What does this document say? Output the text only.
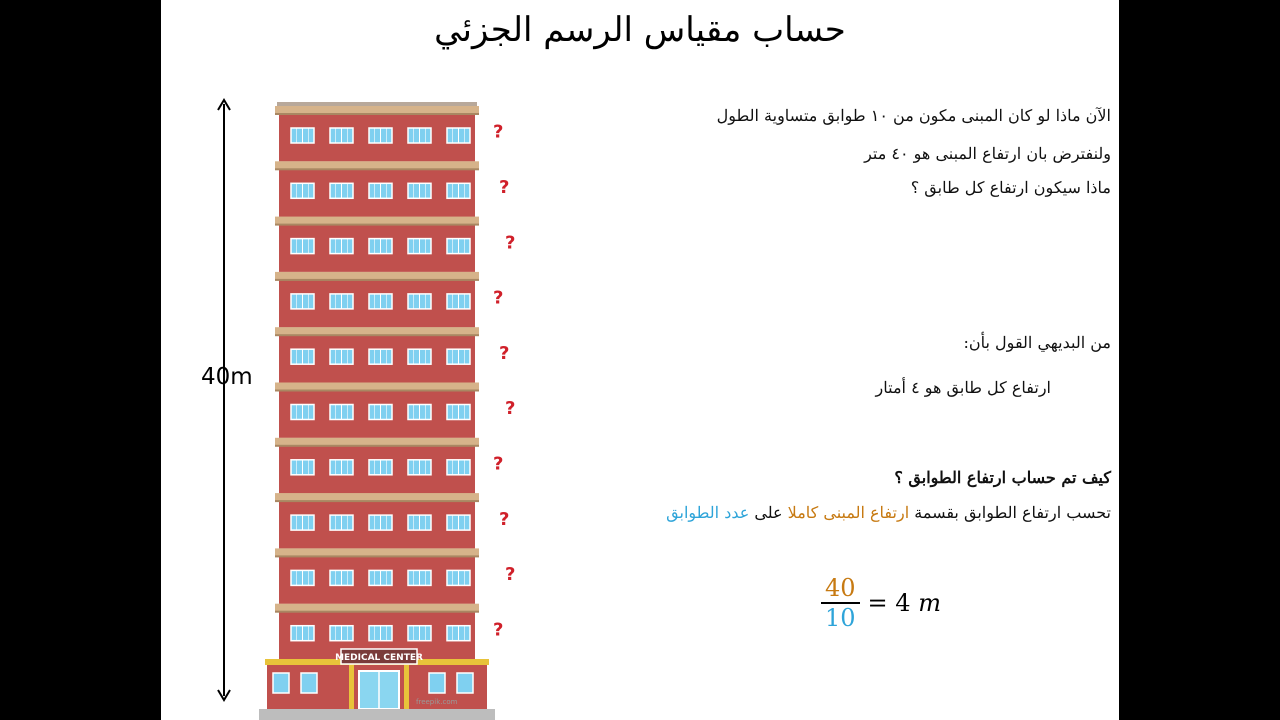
حساب مقياس الرسم الجزئي
40m
?
?
?
?
?
?
?
?
?
?
MEDICAL CENTER
freepik.com
الآن ماذا لو كان المبنى مكون من ١٠ طوابق متساوية الطول
ولنفترض بان ارتفاع المبنى هو ٤٠ متر
ماذا سيكون ارتفاع كل طابق ؟
من البديهي القول بأن:
ارتفاع كل طابق هو ٤ أمتار
كيف تم حساب ارتفاع الطوابق ؟
تحسب ارتفاع الطوابق بقسمة ارتفاع المبنى كاملا على عدد الطوابق
$\frac{40}{10} = 4$ m
